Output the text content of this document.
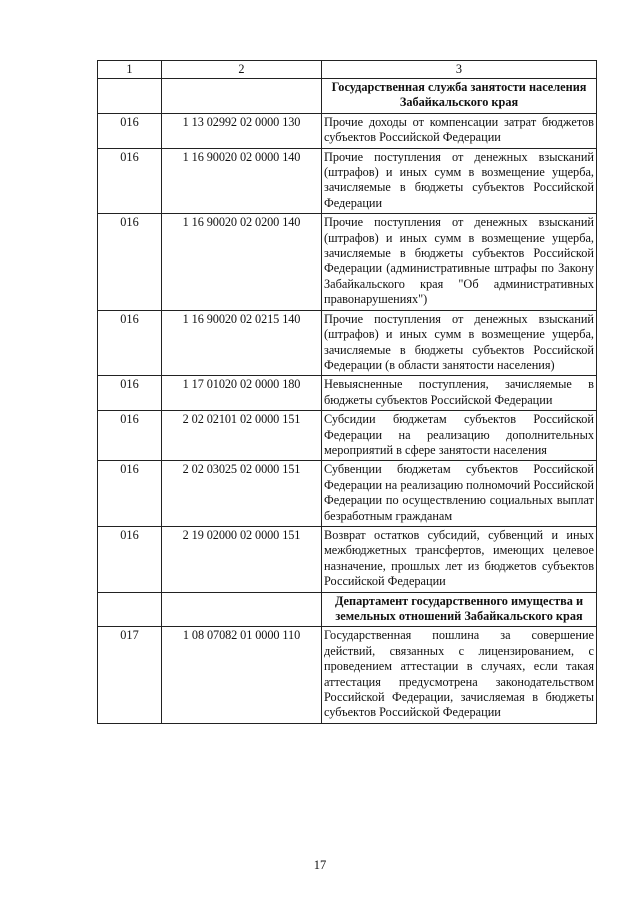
1	2	3
		Государственная служба занятости населения Забайкальского края
016	1 13 02992 02 0000 130	Прочие доходы от компенсации затрат бюджетов субъектов Российской Федерации
016	1 16 90020 02 0000 140	Прочие поступления от денежных взысканий (штрафов) и иных сумм в возмещение ущерба, зачисляемые в бюджеты субъектов Российской Федерации
016	1 16 90020 02 0200 140	Прочие поступления от денежных взысканий (штрафов) и иных сумм в возмещение ущерба, зачисляемые в бюджеты субъектов Российской Федерации (административные штрафы по Закону Забайкальского края "Об административных правонарушениях")
016	1 16 90020 02 0215 140	Прочие поступления от денежных взысканий (штрафов) и иных сумм в возмещение ущерба, зачисляемые в бюджеты субъектов Российской Федерации (в области занятости населения)
016	1 17 01020 02 0000 180	Невыясненные поступления, зачисляемые в бюджеты субъектов Российской Федерации
016	2 02 02101 02 0000 151	Субсидии бюджетам субъектов Российской Федерации на реализацию дополнительных мероприятий в сфере занятости населения
016	2 02 03025 02 0000 151	Субвенции бюджетам субъектов Российской Федерации на реализацию полномочий Российской Федерации по осуществлению социальных выплат безработным гражданам
016	2 19 02000 02 0000 151	Возврат остатков субсидий, субвенций и иных межбюджетных трансфертов, имеющих целевое назначение, прошлых лет из бюджетов субъектов Российской Федерации
		Департамент государственного имущества и земельных отношений Забайкальского края
017	1 08 07082 01 0000 110	Государственная пошлина за совершение действий, связанных с лицензированием, с проведением аттестации в случаях, если такая аттестация предусмотрена законодательством Российской Федерации, зачисляемая в бюджеты субъектов Российской Федерации
17
